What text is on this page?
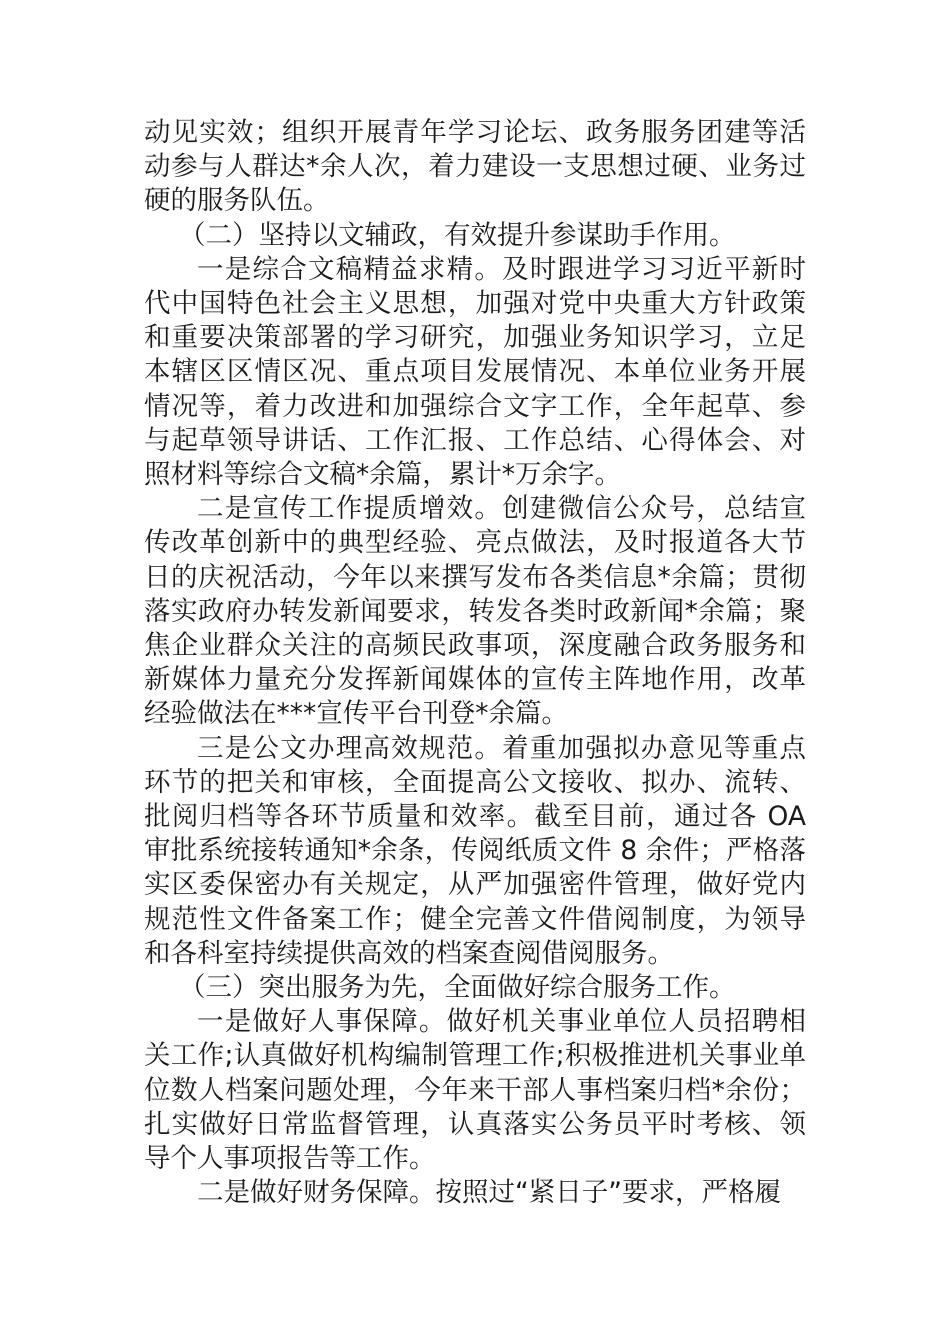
动见实效；组织开展青年学习论坛、政务服务团建等活动参与人群达*余人次，着力建设一支思想过硬、业务过硬的服务队伍。

（二）坚持以文辅政，有效提升参谋助手作用。

一是综合文稿精益求精。及时跟进学习习近平新时代中国特色社会主义思想，加强对党中央重大方针政策和重要决策部署的学习研究，加强业务知识学习，立足本辖区区情区况、重点项目发展情况、本单位业务开展情况等，着力改进和加强综合文字工作，全年起草、参与起草领导讲话、工作汇报、工作总结、心得体会、对照材料等综合文稿*余篇，累计*万余字。

二是宣传工作提质增效。创建微信公众号，总结宣传改革创新中的典型经验、亮点做法，及时报道各大节日的庆祝活动，今年以来撰写发布各类信息*余篇；贯彻落实政府办转发新闻要求，转发各类时政新闻*余篇；聚焦企业群众关注的高频民政事项，深度融合政务服务和新媒体力量充分发挥新闻媒体的宣传主阵地作用，改革经验做法在***宣传平台刊登*余篇。

三是公文办理高效规范。着重加强拟办意见等重点环节的把关和审核，全面提高公文接收、拟办、流转、批阅归档等各环节质量和效率。截至目前，通过各 OA 审批系统接转通知*余条，传阅纸质文件 8 余件；严格落实区委保密办有关规定，从严加强密件管理，做好党内规范性文件备案工作；健全完善文件借阅制度，为领导和各科室持续提供高效的档案查阅借阅服务。

（三）突出服务为先，全面做好综合服务工作。

一是做好人事保障。做好机关事业单位人员招聘相关工作;认真做好机构编制管理工作;积极推进机关事业单位数人档案问题处理，今年来干部人事档案归档*余份；扎实做好日常监督管理，认真落实公务员平时考核、领导个人事项报告等工作。

二是做好财务保障。按照过“紧日子”要求，严格履
